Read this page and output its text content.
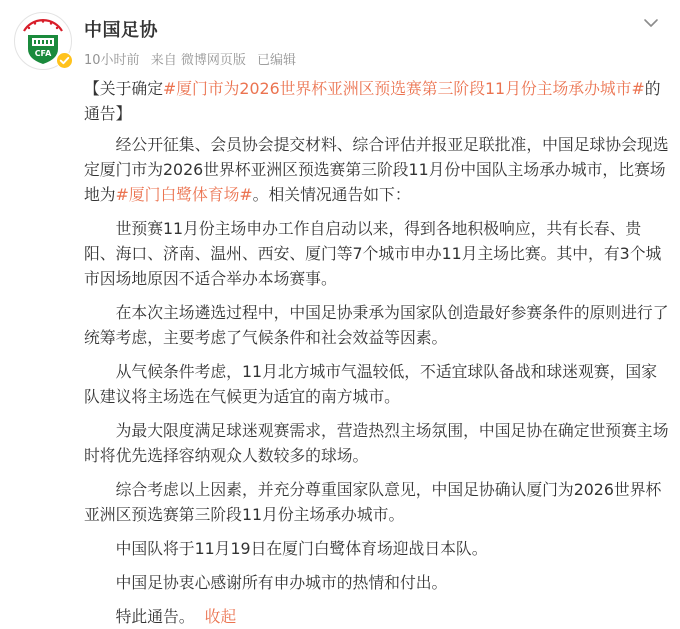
CFA
中国足协
10小时前 来自 微博网页版 已编辑

【关于确定#厦门市为2026世界杯亚洲区预选赛第三阶段11月份主场承办城市#的通告】

经公开征集、会员协会提交材料、综合评估并报亚足联批准，中国足球协会现选定厦门市为2026世界杯亚洲区预选赛第三阶段11月份中国队主场承办城市，比赛场地为#厦门白鹭体育场#。相关情况通告如下：

世预赛11月份主场申办工作自启动以来，得到各地积极响应，共有长春、贵阳、海口、济南、温州、西安、厦门等7个城市申办11月主场比赛。其中，有3个城市因场地原因不适合举办本场赛事。

在本次主场遴选过程中，中国足协秉承为国家队创造最好参赛条件的原则进行了统筹考虑，主要考虑了气候条件和社会效益等因素。

从气候条件考虑，11月北方城市气温较低，不适宜球队备战和球迷观赛，国家队建议将主场选在气候更为适宜的南方城市。

为最大限度满足球迷观赛需求，营造热烈主场氛围，中国足协在确定世预赛主场时将优先选择容纳观众人数较多的球场。

综合考虑以上因素，并充分尊重国家队意见，中国足协确认厦门为2026世界杯亚洲区预选赛第三阶段11月份主场承办城市。

中国队将于11月19日在厦门白鹭体育场迎战日本队。

中国足协衷心感谢所有申办城市的热情和付出。

特此通告。 收起
